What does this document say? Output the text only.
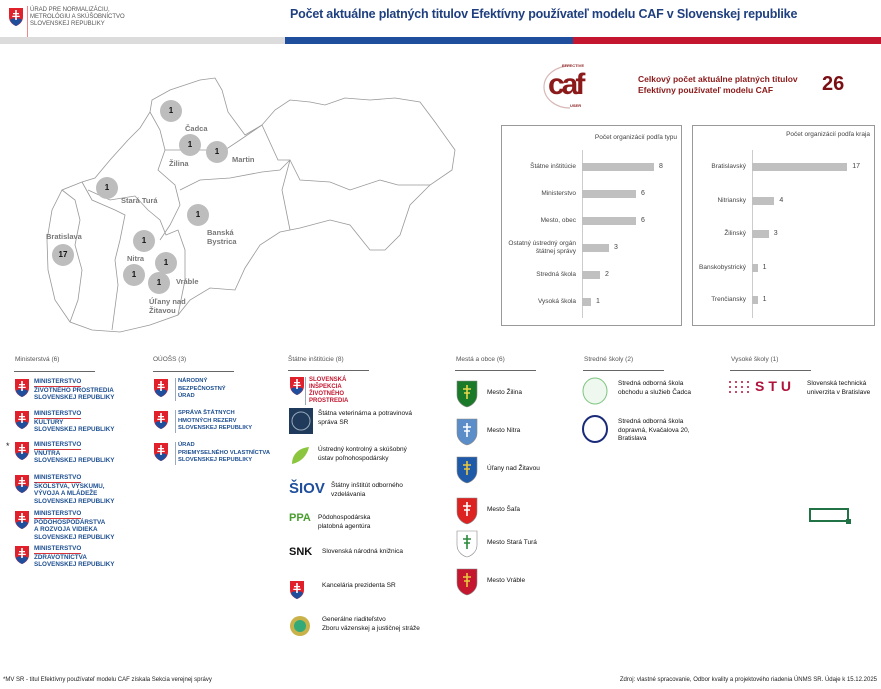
ÚRAD PRE NORMALIZÁCIU, METROLÓGIU A SKÚŠOBNÍCTVO SLOVENSKEJ REPUBLIKY
Počet aktuálne platných titulov Efektívny používateľ modelu CAF v Slovenskej republike
1
1
1
1
1
1
17
1
1
1
Čadca
Žilina	Martin
Stará Turá
Banská
Bystrica
Nitra
Bratislava
Vráble
Úľany nad
Žitavou
EFFECTIVE
caf
USER
Celkový počet aktuálne platných titulov
Efektívny používateľ modelu CAF	26
Počet organizácií podľa typu
Štátne inštitúcie	8
Ministerstvo	6
Mesto, obec	6
Ostatný ústredný orgán štátnej správy
3
Stredná škola	2
Vysoká škola	1
Počet organizácií podľa kraja
Bratislavský	17
Nitriansky	4
Žilinský	3
Banskobystrický 1
Trenčiansky 1
Ministerstvá (6)	OÚOŠS (3)	Štátne inštitúcie (8)	Mestá a obce (6)	Stredné školy (2)	Vysoké školy (1)
*
STU Slovenská technická
univerzita v Bratislave
*MV SR - titul Efektívny používateľ modelu CAF získala Sekcia verejnej správy	Zdroj: vlastné spracovanie, Odbor kvality a projektového riadenia ÚNMS SR. Údaje k 15.12.2025
MINISTERSTVO
ŽIVOTNÉHO PROSTREDIA
SLOVENSKEJ REPUBLIKY
MINISTERSTVO
KULTÚRY
SLOVENSKEJ REPUBLIKY
MINISTERSTVO
VNÚTRA
SLOVENSKEJ REPUBLIKY
MINISTERSTVO
ŠKOLSTVA, VÝSKUMU,
VÝVOJA A MLÁDEŽE
SLOVENSKEJ REPUBLIKY
MINISTERSTVO
PÔDOHOSPODÁRSTVA
A ROZVOJA VIDIEKA
SLOVENSKEJ REPUBLIKY
MINISTERSTVO
ZDRAVOTNÍCTVA
SLOVENSKEJ REPUBLIKY
NÁRODNÝ
BEZPEČNOSTNÝ
ÚRAD
SPRÁVA ŠTÁTNYCH
HMOTNÝCH REZERV
SLOVENSKEJ REPUBLIKY
ÚRAD
PRIEMYSELNÉHO VLASTNÍCTVA
SLOVENSKEJ REPUBLIKY
SLOVENSKÁ
INŠPEKCIA
ŽIVOTNÉHO
PROSTREDIA
Štátna veterinárna a potravinová
správa SR
Ústredný kontrolný a skúšobný
ústav poľnohospodársky
ŠIOV Štátny inštitút odborného
vzdelávania
PPA	Pôdohospodárska
platobná agentúra
SNK	Slovenská národná knižnica
Kancelária prezidenta SR
Generálne riaditeľstvo
Zboru väzenskej a justičnej stráže
Mesto Žilina
Mesto Nitra
Úľany nad Žitavou
Mesto Šaľa
Mesto Stará Turá
Mesto Vráble
Stredná odborná škola
obchodu a služieb Čadca
Stredná odborná škola
dopravná, Kvačalova 20,
Bratislava
